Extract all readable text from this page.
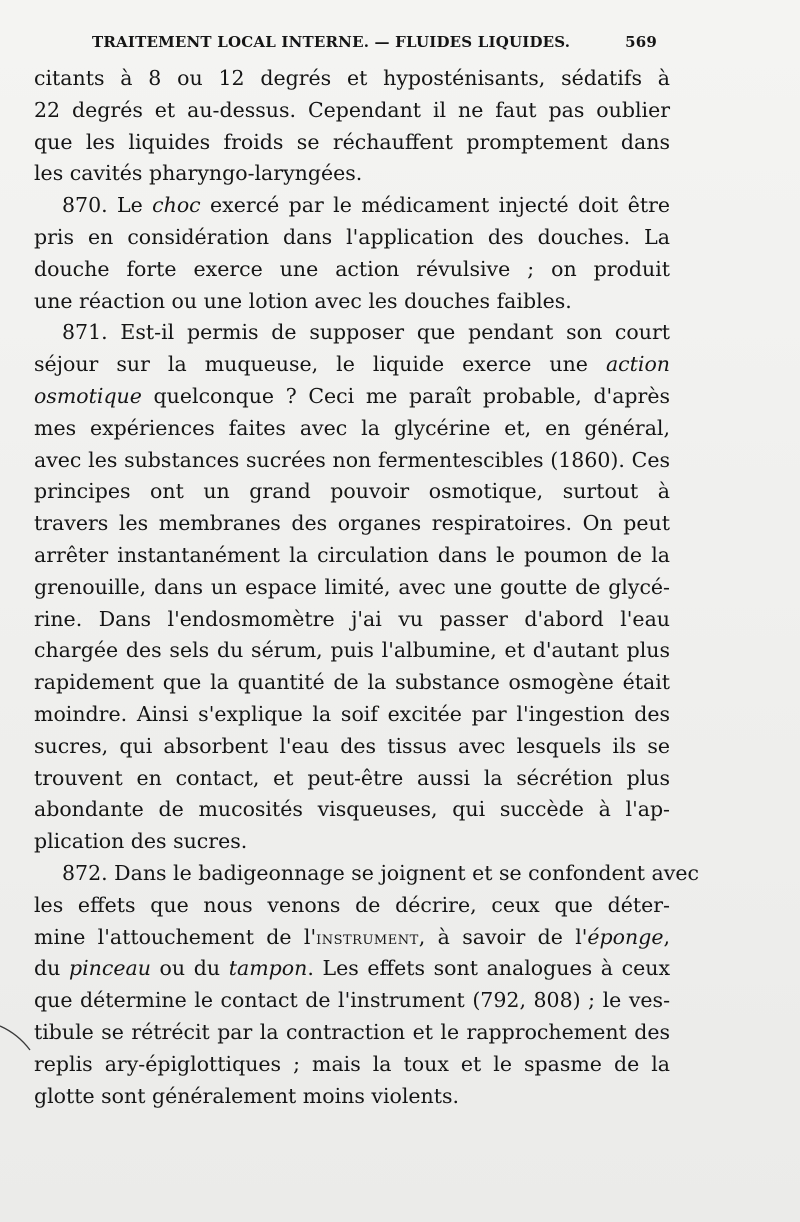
TRAITEMENT LOCAL INTERNE. — FLUIDES LIQUIDES.	569
citants à 8 ou 12 degrés et hyposténisants, sédatifs à
22 degrés et au-dessus. Cependant il ne faut pas oublier
que les liquides froids se réchauffent promptement dans
les cavités pharyngo-laryngées.
870. Le choc exercé par le médicament injecté doit être
pris en considération dans l'application des douches. La
douche forte exerce une action révulsive ; on produit
une réaction ou une lotion avec les douches faibles.
871. Est-il permis de supposer que pendant son court
séjour sur la muqueuse, le liquide exerce une action
osmotique quelconque ? Ceci me paraît probable, d'après
mes expériences faites avec la glycérine et, en général,
avec les substances sucrées non fermentescibles (1860). Ces
principes ont un grand pouvoir osmotique, surtout à
travers les membranes des organes respiratoires. On peut
arrêter instantanément la circulation dans le poumon de la
grenouille, dans un espace limité, avec une goutte de glycé-
rine. Dans l'endosmomètre j'ai vu passer d'abord l'eau
chargée des sels du sérum, puis l'albumine, et d'autant plus
rapidement que la quantité de la substance osmogène était
moindre. Ainsi s'explique la soif excitée par l'ingestion des
sucres, qui absorbent l'eau des tissus avec lesquels ils se
trouvent en contact, et peut-être aussi la sécrétion plus
abondante de mucosités visqueuses, qui succède à l'ap-
plication des sucres.
872. Dans le badigeonnage se joignent et se confondent avec
les effets que nous venons de décrire, ceux que déter-
mine l'attouchement de l'instrument, à savoir de l'éponge,
du pinceau ou du tampon. Les effets sont analogues à ceux
que détermine le contact de l'instrument (792, 808) ; le ves-
tibule se rétrécit par la contraction et le rapprochement des
replis ary-épiglottiques ; mais la toux et le spasme de la
glotte sont généralement moins violents.
